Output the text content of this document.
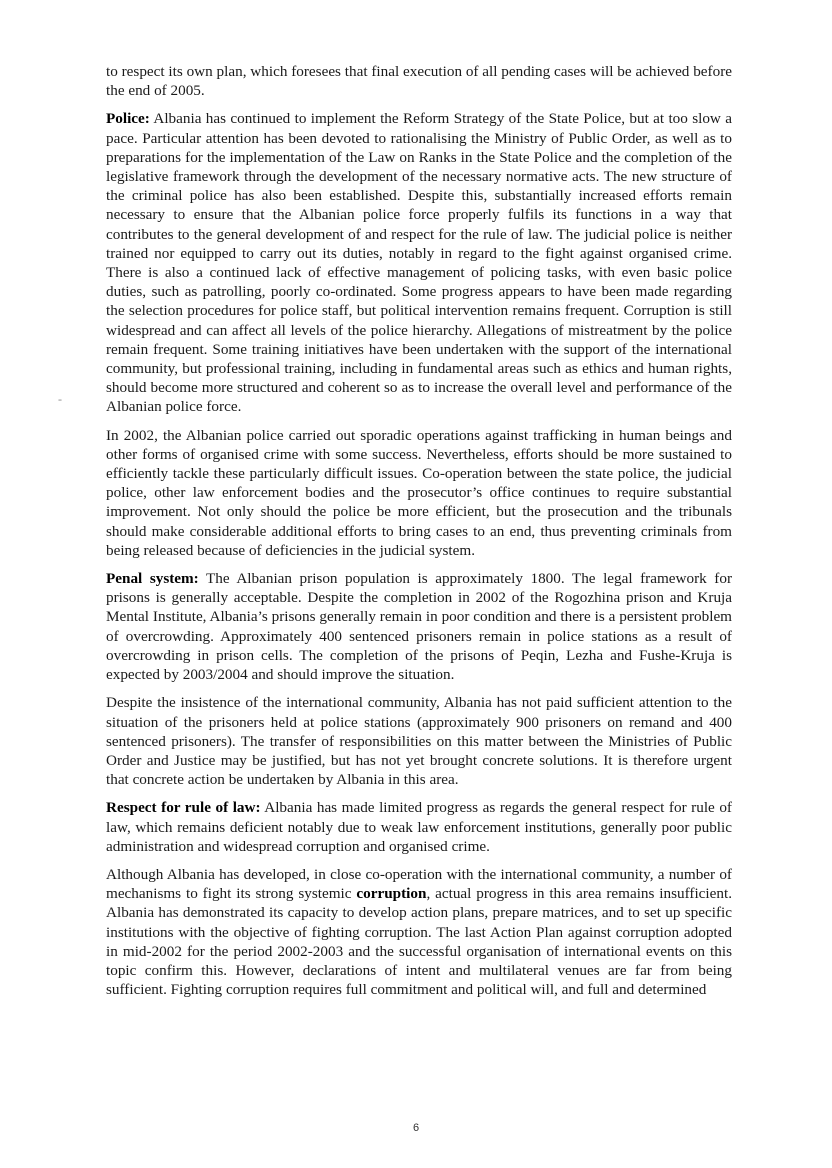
to respect its own plan, which foresees that final execution of all pending cases will be achieved before the end of 2005.

Police: Albania has continued to implement the Reform Strategy of the State Police, but at too slow a pace. Particular attention has been devoted to rationalising the Ministry of Public Order, as well as to preparations for the implementation of the Law on Ranks in the State Police and the completion of the legislative framework through the development of the necessary normative acts. The new structure of the criminal police has also been established. Despite this, substantially increased efforts remain necessary to ensure that the Albanian police force properly fulfils its functions in a way that contributes to the general development of and respect for the rule of law. The judicial police is neither trained nor equipped to carry out its duties, notably in regard to the fight against organised crime. There is also a continued lack of effective management of policing tasks, with even basic police duties, such as patrolling, poorly co-ordinated. Some progress appears to have been made regarding the selection procedures for police staff, but political intervention remains frequent. Corruption is still widespread and can affect all levels of the police hierarchy. Allegations of mistreatment by the police remain frequent. Some training initiatives have been undertaken with the support of the international community, but professional training, including in fundamental areas such as ethics and human rights, should become more structured and coherent so as to increase the overall level and performance of the Albanian police force.

In 2002, the Albanian police carried out sporadic operations against trafficking in human beings and other forms of organised crime with some success. Nevertheless, efforts should be more sustained to efficiently tackle these particularly difficult issues. Co-operation between the state police, the judicial police, other law enforcement bodies and the prosecutor’s office continues to require substantial improvement. Not only should the police be more efficient, but the prosecution and the tribunals should make considerable additional efforts to bring cases to an end, thus preventing criminals from being released because of deficiencies in the judicial system.

Penal system: The Albanian prison population is approximately 1800. The legal framework for prisons is generally acceptable. Despite the completion in 2002 of the Rogozhina prison and Kruja Mental Institute, Albania’s prisons generally remain in poor condition and there is a persistent problem of overcrowding. Approximately 400 sentenced prisoners remain in police stations as a result of overcrowding in prison cells. The completion of the prisons of Peqin, Lezha and Fushe-Kruja is expected by 2003/2004 and should improve the situation.

Despite the insistence of the international community, Albania has not paid sufficient attention to the situation of the prisoners held at police stations (approximately 900 prisoners on remand and 400 sentenced prisoners). The transfer of responsibilities on this matter between the Ministries of Public Order and Justice may be justified, but has not yet brought concrete solutions. It is therefore urgent that concrete action be undertaken by Albania in this area.

Respect for rule of law: Albania has made limited progress as regards the general respect for rule of law, which remains deficient notably due to weak law enforcement institutions, generally poor public administration and widespread corruption and organised crime.

Although Albania has developed, in close co-operation with the international community, a number of mechanisms to fight its strong systemic corruption, actual progress in this area remains insufficient. Albania has demonstrated its capacity to develop action plans, prepare matrices, and to set up specific institutions with the objective of fighting corruption. The last Action Plan against corruption adopted in mid-2002 for the period 2002-2003 and the successful organisation of international events on this topic confirm this. However, declarations of intent and multilateral venues are far from being sufficient. Fighting corruption requires full commitment and political will, and full and determined

-
6
